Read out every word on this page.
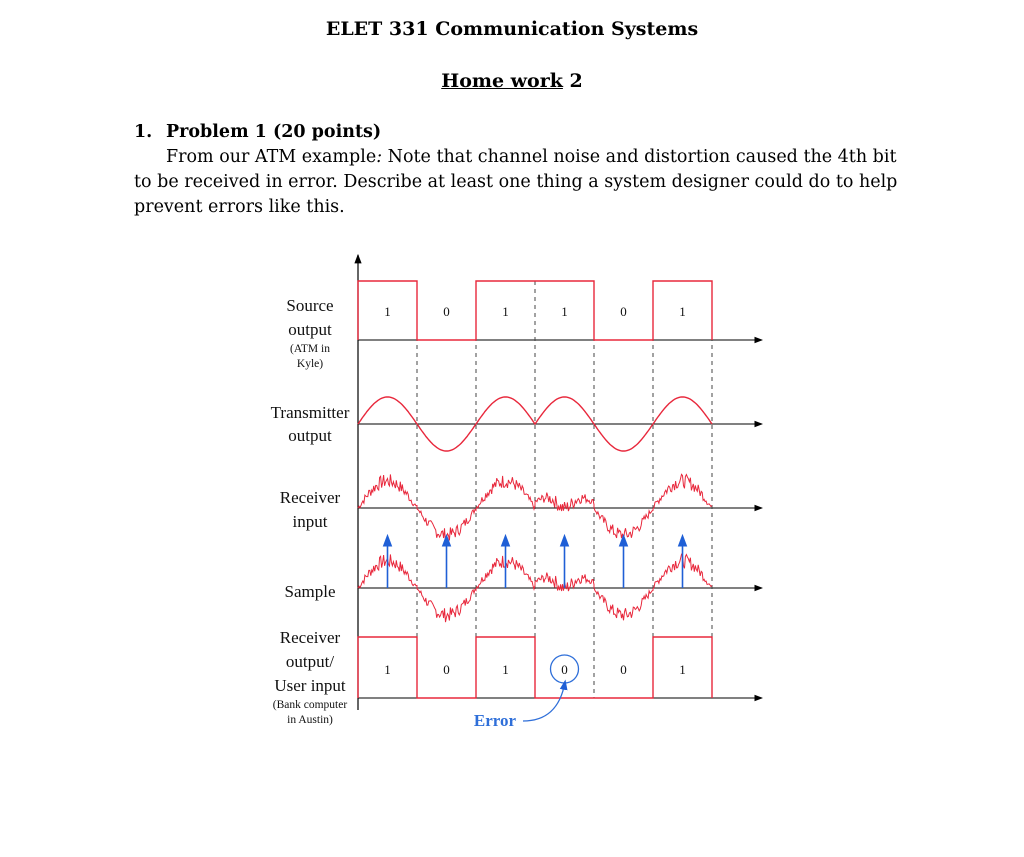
ELET 331 Communication Systems
Home work 2
1. Problem 1 (20 points)
From our ATM example: Note that channel noise and distortion caused the 4th bit to be received in error. Describe at least one thing a system designer could do to help prevent errors like this.
Source
output
(ATM in
Kyle)
Transmitter
output
Receiver
input
Sample
Receiver
output/
User input
(Bank computer
in Austin)
1	0	1	1	0	1
1	0	1	0	0	1
Error
